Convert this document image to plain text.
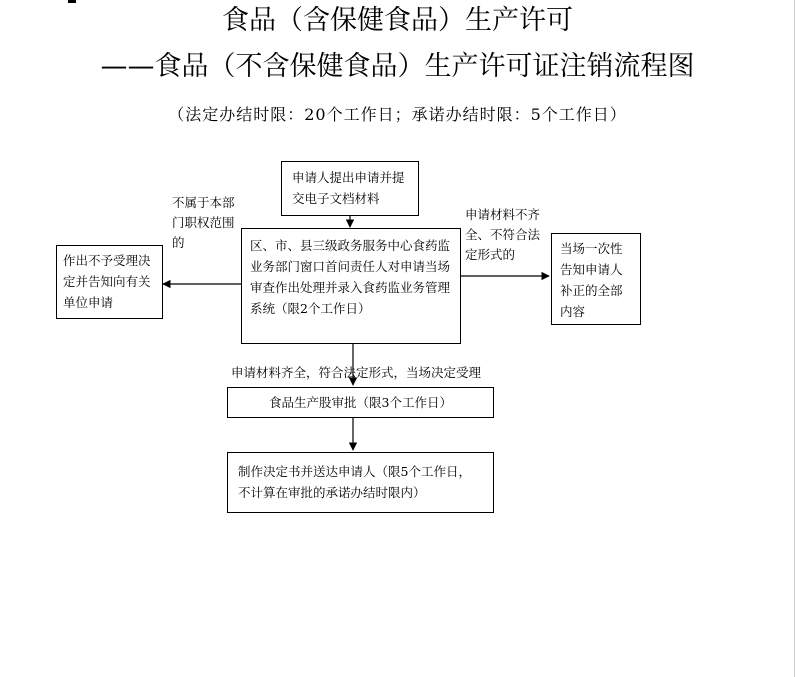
食品（含保健食品）生产许可
——食品（不含保健食品）生产许可证注销流程图
（法定办结时限：20个工作日；承诺办结时限：5个工作日）
申请人提出申请并提交电子文档材料
区、市、县三级政务服务中心食药监业务部门窗口首问责任人对申请当场审查作出处理并录入食药监业务管理系统（限2个工作日）
作出不予受理决定并告知向有关单位申请
当场一次性告知申请人补正的全部内容
食品生产股审批（限3个工作日）
制作决定书并送达申请人（限5个工作日，不计算在审批的承诺办结时限内）
不属于本部门职权范围的
申请材料不齐全、不符合法定形式的
申请材料齐全，符合法定形式，当场决定受理
